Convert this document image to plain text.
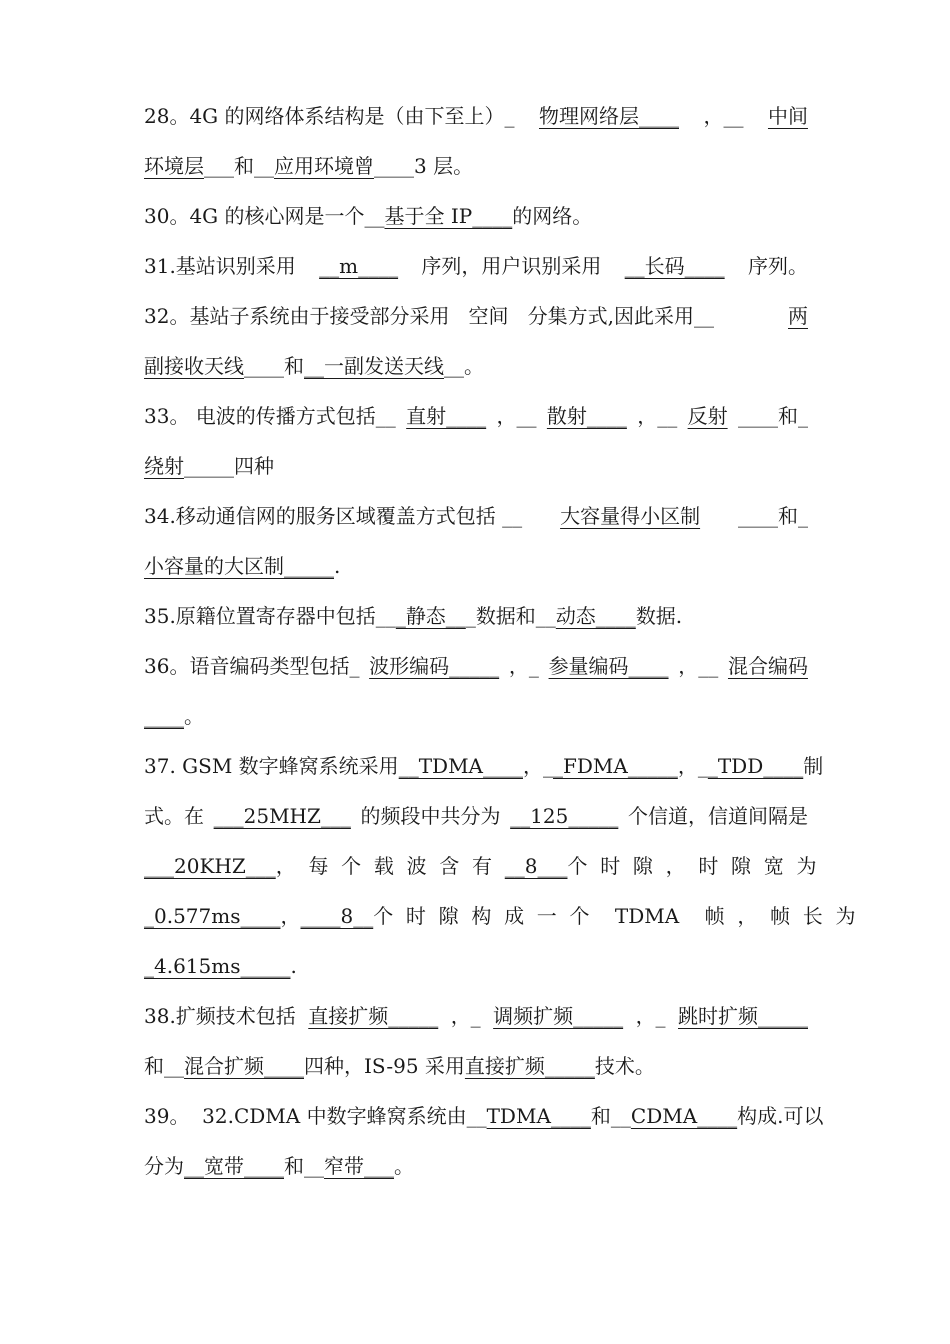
28。4G 的网络体系结构是（由下至上）_ 物理网络层____ ，__ 中间
环境层___和__应用环境曾____3 层。
30。4G 的核心网是一个__基于全 IP____的网络。
31.基站识别采用 __m____ 序列，用户识别采用 __长码____ 序列。
32。基站子系统由于接受部分采用   空间   分集方式,因此采用__	两
副接收天线____和__一副发送天线__。
33。 电波的传播方式包括__ 直射____ ，__ 散射____ ，__ 反射 ____和_
绕射_____四种
34.移动通信网的服务区域覆盖方式包括 __ 大容量得小区制 ____和_
小容量的大区制_____.
35.原籍位置寄存器中包括___静态___数据和__动态____数据.
36。语音编码类型包括_ 波形编码_____ ，_ 参量编码____ ，__ 混合编码
____。
37. GSM 数字蜂窝系统采用 __TDMA____ ，_ _FDMA_____ ，_ _TDD____ 制
式。在 ___25MHZ___ 的频段中共分为 __125_____ 个信道，信道间隔是
___20KHZ___ ，  每  个  载  波  含  有 __8___ 个  时  隙  ，  时  隙  宽  为
_0.577ms____ ， ____8__ 个  时  隙  构  成  一  个    TDMA    帧  ，  帧  长  为
_4.615ms_____.
38.扩频技术包括 直接扩频_____ ，_ 调频扩频_____ ，_ 跳时扩频_____
和__混合扩频____四种，IS-95 采用直接扩频_____技术。
39。  32.CDMA 中数字蜂窝系统由__ TDMA____ 和__ CDMA____ 构成.可以
分为__宽带____和__窄带___。
